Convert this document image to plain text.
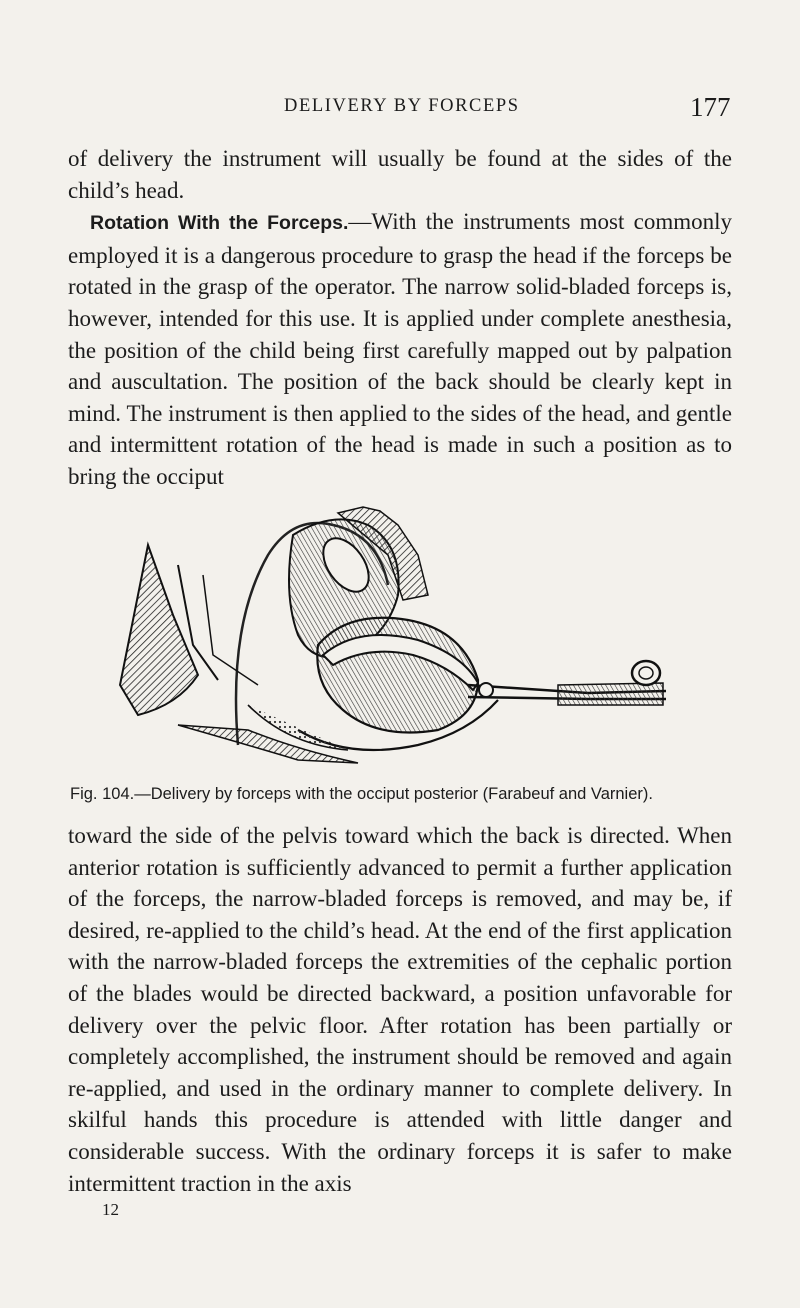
DELIVERY BY FORCEPS	177

of delivery the instrument will usually be found at the sides of the child’s head.

Rotation With the Forceps.—With the instruments most commonly employed it is a dangerous procedure to grasp the head if the forceps be rotated in the grasp of the operator. The narrow solid-bladed forceps is, however, intended for this use. It is applied under complete anesthesia, the position of the child being first carefully mapped out by palpation and auscultation. The position of the back should be clearly kept in mind. The instrument is then applied to the sides of the head, and gentle and intermittent rotation of the head is made in such a position as to bring the occiput

Fig. 104.—Delivery by forceps with the occiput posterior (Farabeuf and Varnier).

toward the side of the pelvis toward which the back is directed. When anterior rotation is sufficiently advanced to permit a further application of the forceps, the narrow-bladed forceps is removed, and may be, if desired, re-applied to the child’s head. At the end of the first application with the narrow-bladed forceps the extremities of the cephalic portion of the blades would be directed backward, a position unfavorable for delivery over the pelvic floor. After rotation has been partially or completely accomplished, the instrument should be removed and again re-applied, and used in the ordinary manner to complete delivery. In skilful hands this procedure is attended with little danger and considerable success. With the ordinary forceps it is safer to make intermittent traction in the axis

12
